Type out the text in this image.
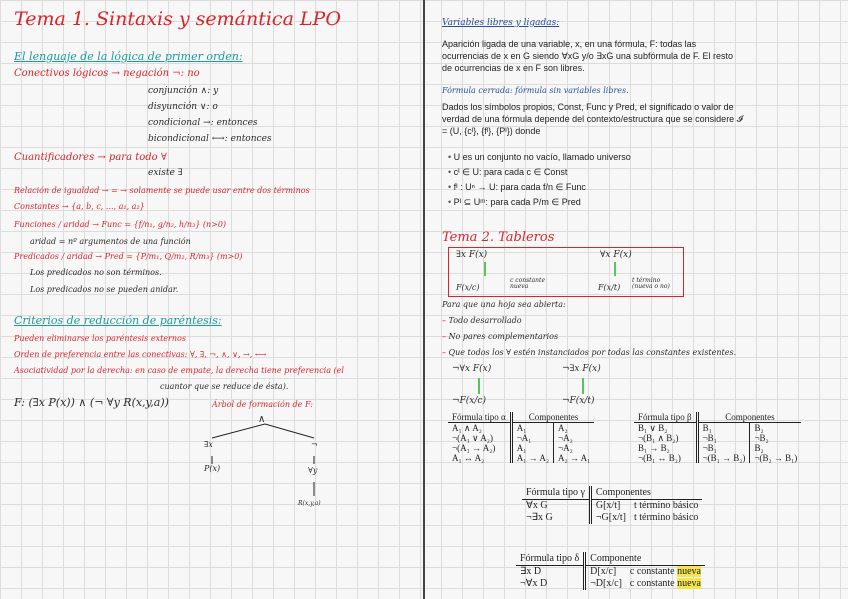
Tema 1. Sintaxis y semántica LPO
El lenguaje de la lógica de primer orden:
Conectivos lógicos → negación ¬: no
conjunción ∧: y
disyunción ∨: o
condicional →: entonces
bicondicional ⟷: entonces
Cuantificadores → para todo ∀
existe ∃
Relación de igualdad → = → solamente se puede usar entre dos términos
Constantes → {a, b, c, ..., a₁, a₂}
Funciones / aridad → Func = {f/n₁, g/n₂, h/n₃} (n>0)
aridad = nº argumentos de una función
Predicados / aridad → Pred = {P/m₁, Q/m₂, R/m₃} (m>0)
Los predicados no son términos.
Los predicados no se pueden anidar.
Criterios de reducción de paréntesis:
Pueden eliminarse los paréntesis externos
Orden de preferencia entre las conectivas: ∀, ∃, ¬, ∧, ∨, →, ⟷
Asociatividad por la derecha: en caso de empate, la derecha tiene preferencia (el
cuantor que se reduce de ésta).
F: (∃x P(x)) ∧ (¬ ∀y R(x,y,a))	Árbol de formación de F:
∧
∃x	¬
P(x)	∀y
R(x,y,a)
Variables libres y ligadas:
Aparición ligada de una variable, x, en una fórmula, F: todas las ocurrencias de x en G siendo ∀xG y/o ∃xG una subfórmula de F. El resto de ocurrencias de x en F son libres.
Fórmula cerrada: fórmula sin variables libres.
Dados los símbolos propios, Const, Func y Pred, el significado o valor de verdad de una fórmula depende del contexto/estructura que se considere 𝓘 = (U, {cᴵ}, {fᴵ}, {Pᴵ}) donde
• U es un conjunto no vacío, llamado universo
• cᴵ ∈ U: para cada c ∈ Const
• fᴵ : Uⁿ → U: para cada f/n ∈ Func
• Pᴵ ⊆ Uᵐ: para cada P/m ∈ Pred
Tema 2. Tableros
∃x F(x)
c constante nueva
F(x/c)
∀x F(x)
t término (nueva o no)
F(x/t)
Para que una hoja sea abierta:
– Todo desarrollado
– No pares complementarios
– Que todos los ∀ estén instanciados por todas las constantes existentes.
¬∀x F(x)
¬F(x/c)
¬∃x F(x)
¬F(x/t)
Fórmula tipo α	Componentes	
A₁ ∧ A₂	A₁	A₂
¬(A₁ ∨ A₂)	¬A₁	¬A₂
¬(A₁ → A₂)	A₁	¬A₂
A₁ ↔ A₂	A₁ → A₂	A₂ → A₁
Fórmula tipo β	Componentes	
B₁ ∨ B₂	B₁	B₂
¬(B₁ ∧ B₂)	¬B₁	¬B₂
B₁ → B₂	¬B₁	B₂
¬(B₁ ↔ B₂)	¬(B₁ → B₂)	¬(B₂ → B₁)
Fórmula tipo γ	Componentes	
∀x G	G[x/t]	t término básico
¬∃x G	¬G[x/t]	t término básico
Fórmula tipo δ	Componente	
∃x D	D[x/c]	c constante nueva
¬∀x D	¬D[x/c]	c constante nueva
